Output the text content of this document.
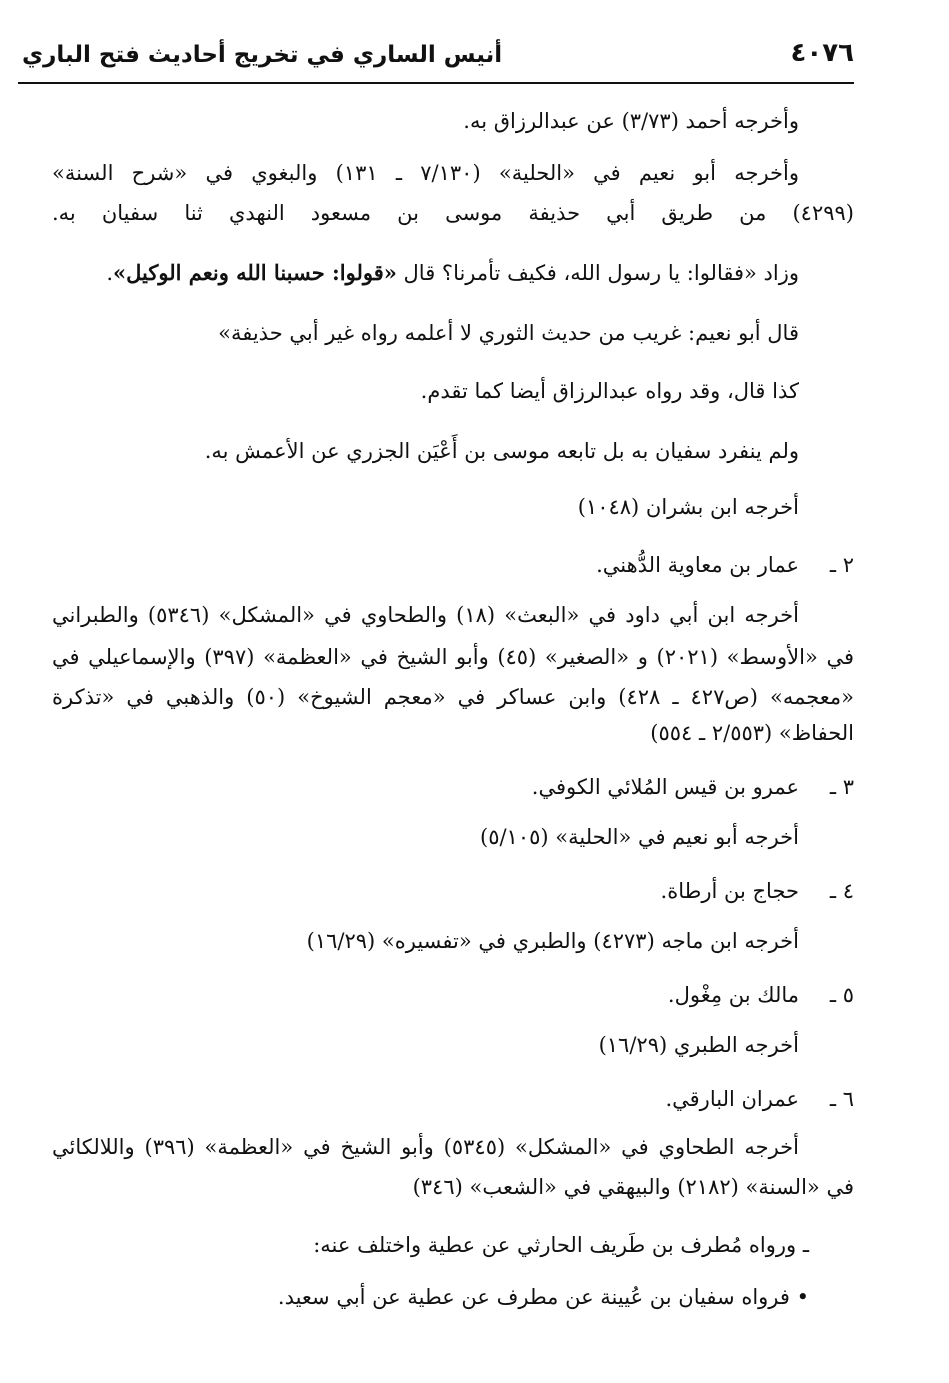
٤٠٧٦
أنيس الساري في تخريج أحاديث فتح الباري
وأخرجه أحمد (٣/٧٣) عن عبدالرزاق به.
وأخرجه أبو نعيم في «الحلية» (٧/١٣٠ ـ ١٣١) والبغوي في «شرح السنة»
(٤٢٩٩) من طريق أبي حذيفة موسى بن مسعود النهدي ثنا سفيان به.
وزاد «فقالوا: يا رسول الله، فكيف تأمرنا؟ قال «قولوا: حسبنا الله ونعم الوكيل».
قال أبو نعيم: غريب من حديث الثوري لا أعلمه رواه غير أبي حذيفة»
كذا قال، وقد رواه عبدالرزاق أيضا كما تقدم.
ولم ينفرد سفيان به بل تابعه موسى بن أَعْيَن الجزري عن الأعمش به.
أخرجه ابن بشران (١٠٤٨)
٢ ـ
عمار بن معاوية الدُّهني.
أخرجه ابن أبي داود في «البعث» (١٨) والطحاوي في «المشكل» (٥٣٤٦) والطبراني
في «الأوسط» (٢٠٢١) و «الصغير» (٤٥) وأبو الشيخ في «العظمة» (٣٩٧) والإسماعيلي في
«معجمه» (ص٤٢٧ ـ ٤٢٨) وابن عساكر في «معجم الشيوخ» (٥٠) والذهبي في «تذكرة
الحفاظ» (٢/٥٥٣ ـ ٥٥٤)
٣ ـ
عمرو بن قيس المُلائي الكوفي.
أخرجه أبو نعيم في «الحلية» (٥/١٠٥)
٤ ـ
حجاج بن أرطاة.
أخرجه ابن ماجه (٤٢٧٣) والطبري في «تفسيره» (١٦/٢٩)
٥ ـ
مالك بن مِغْول.
أخرجه الطبري (١٦/٢٩)
٦ ـ
عمران البارقي.
أخرجه الطحاوي في «المشكل» (٥٣٤٥) وأبو الشيخ في «العظمة» (٣٩٦) واللالكائي
في «السنة» (٢١٨٢) والبيهقي في «الشعب» (٣٤٦)
ـ ورواه مُطرف بن طَريف الحارثي عن عطية واختلف عنه:
• فرواه سفيان بن عُيينة عن مطرف عن عطية عن أبي سعيد.
